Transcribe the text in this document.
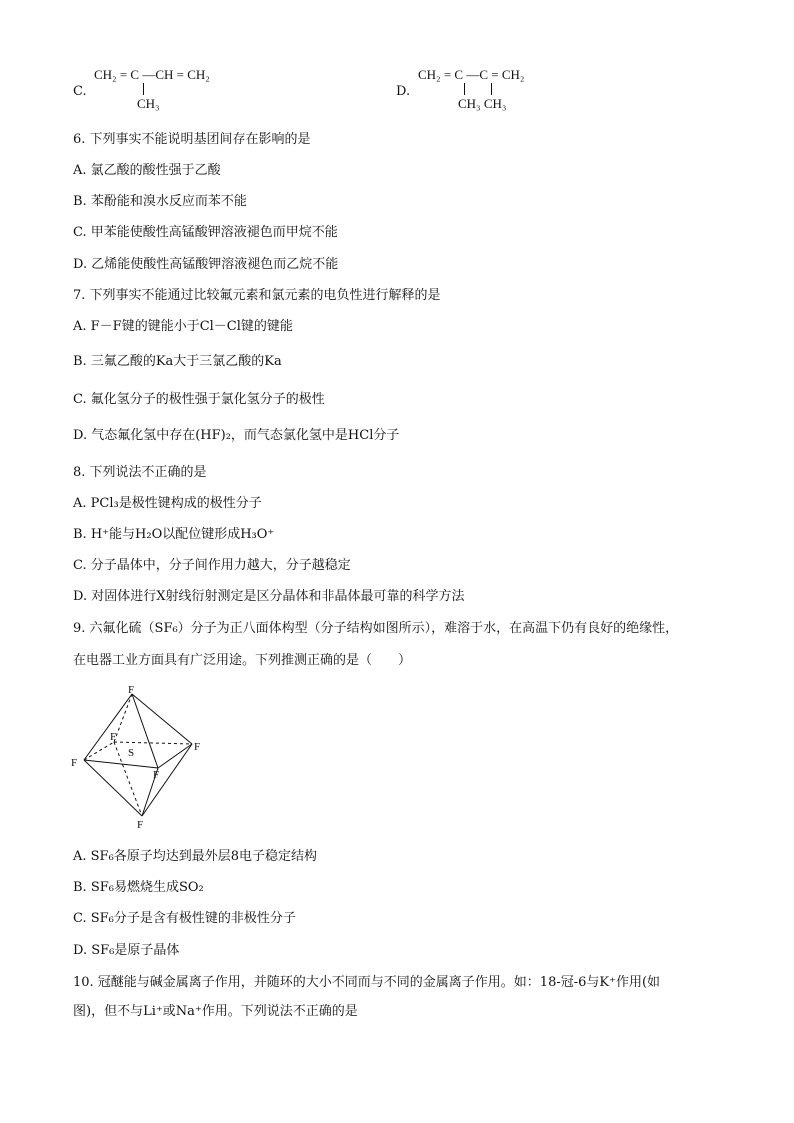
C.
CH₂ = C —CH = CH₂
CH₃
D.
CH₂ = C —C = CH₂
CH₃ CH₃
6. 下列事实不能说明基团间存在影响的是
A. 氯乙酸的酸性强于乙酸
B. 苯酚能和溴水反应而苯不能
C. 甲苯能使酸性高锰酸钾溶液褪色而甲烷不能
D. 乙烯能使酸性高锰酸钾溶液褪色而乙烷不能
7. 下列事实不能通过比较氟元素和氯元素的电负性进行解释的是
A. F－F键的键能小于Cl－Cl键的键能
B. 三氟乙酸的Ka大于三氯乙酸的Ka
C. 氟化氢分子的极性强于氯化氢分子的极性
D. 气态氟化氢中存在(HF)₂，而气态氯化氢中是HCl分子
8. 下列说法不正确的是
A. PCl₃是极性键构成的极性分子
B. H⁺能与H₂O以配位键形成H₃O⁺
C. 分子晶体中，分子间作用力越大，分子越稳定
D. 对固体进行X射线衍射测定是区分晶体和非晶体最可靠的科学方法
9. 六氟化硫（SF₆）分子为正八面体构型（分子结构如图所示），难溶于水，在高温下仍有良好的绝缘性，
在电器工业方面具有广泛用途。下列推测正确的是（　　）
F
F
F
F
F
F
S
A. SF₆各原子均达到最外层8电子稳定结构
B. SF₆易燃烧生成SO₂
C. SF₆分子是含有极性键的非极性分子
D. SF₆是原子晶体
10. 冠醚能与碱金属离子作用，并随环的大小不同而与不同的金属离子作用。如：18-冠-6与K⁺作用(如
图)，但不与Li⁺或Na⁺作用。下列说法不正确的是
